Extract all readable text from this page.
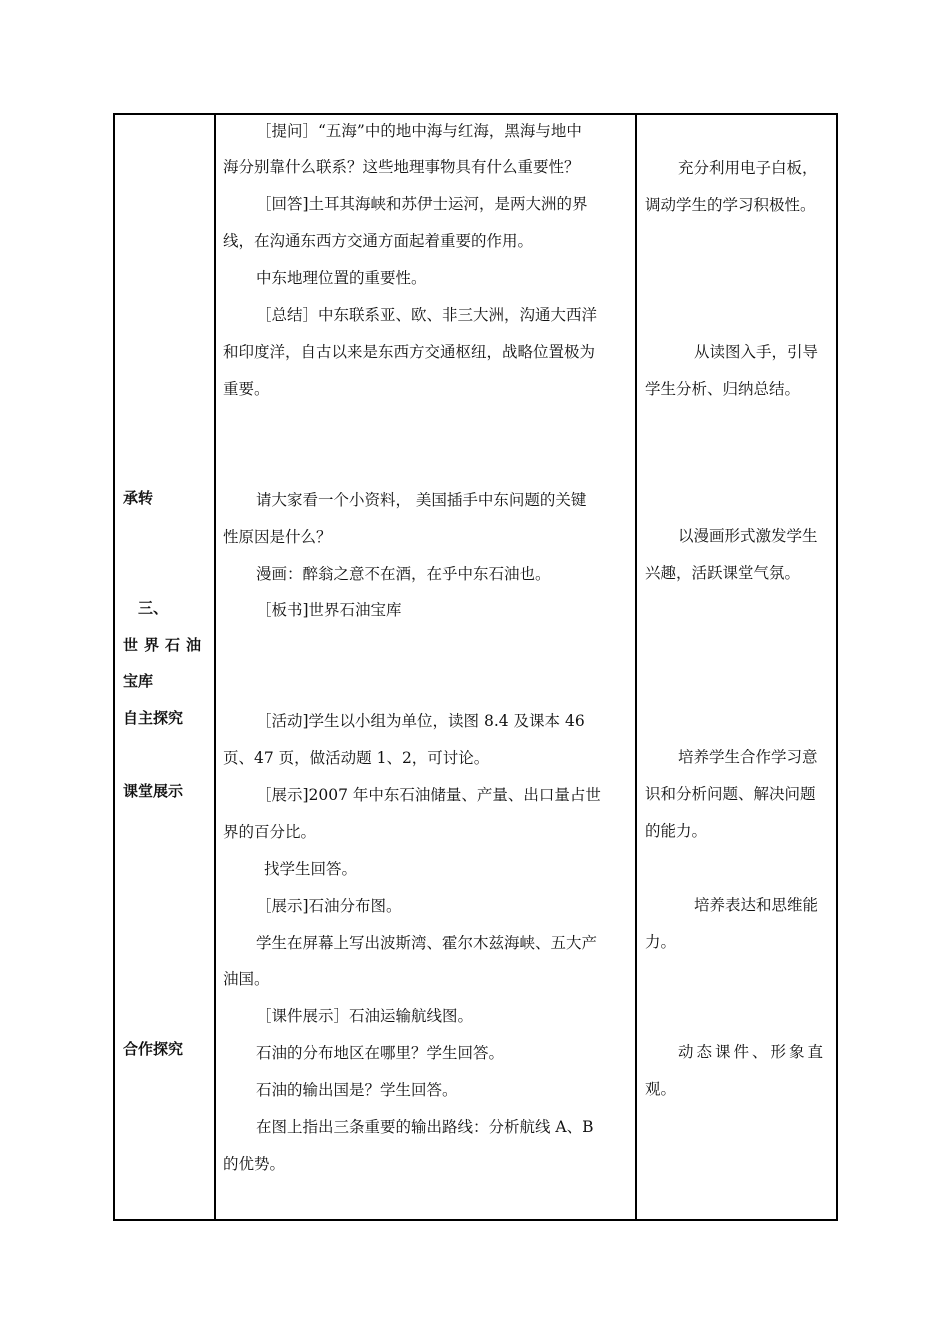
承转
三、
世界石油
宝库
自主探究
课堂展示
合作探究
［提问］“五海”中的地中海与红海，黑海与地中
海分别靠什么联系？这些地理事物具有什么重要性？
［回答]土耳其海峡和苏伊士运河，是两大洲的界
线，在沟通东西方交通方面起着重要的作用。
中东地理位置的重要性。
［总结］中东联系亚、欧、非三大洲，沟通大西洋
和印度洋，自古以来是东西方交通枢纽，战略位置极为
重要。
请大家看一个小资料， 美国插手中东问题的关键
性原因是什么？
漫画：醉翁之意不在酒，在乎中东石油也。
［板书]世界石油宝库
［活动]学生以小组为单位，读图 8.4 及课本 46
页、47 页，做活动题 1、2，可讨论。
［展示]2007 年中东石油储量、产量、出口量占世
界的百分比。
找学生回答。
［展示]石油分布图。
学生在屏幕上写出波斯湾、霍尔木兹海峡、五大产
油国。
［课件展示］石油运输航线图。
石油的分布地区在哪里？学生回答。
石油的输出国是？学生回答。
在图上指出三条重要的输出路线：分析航线 A、B
的优势。
充分利用电子白板，
调动学生的学习积极性。
从读图入手，引导
学生分析、归纳总结。
以漫画形式激发学生
兴趣，活跃课堂气氛。
培养学生合作学习意
识和分析问题、解决问题
的能力。
培养表达和思维能
力。
动态课件、形象直
观。
